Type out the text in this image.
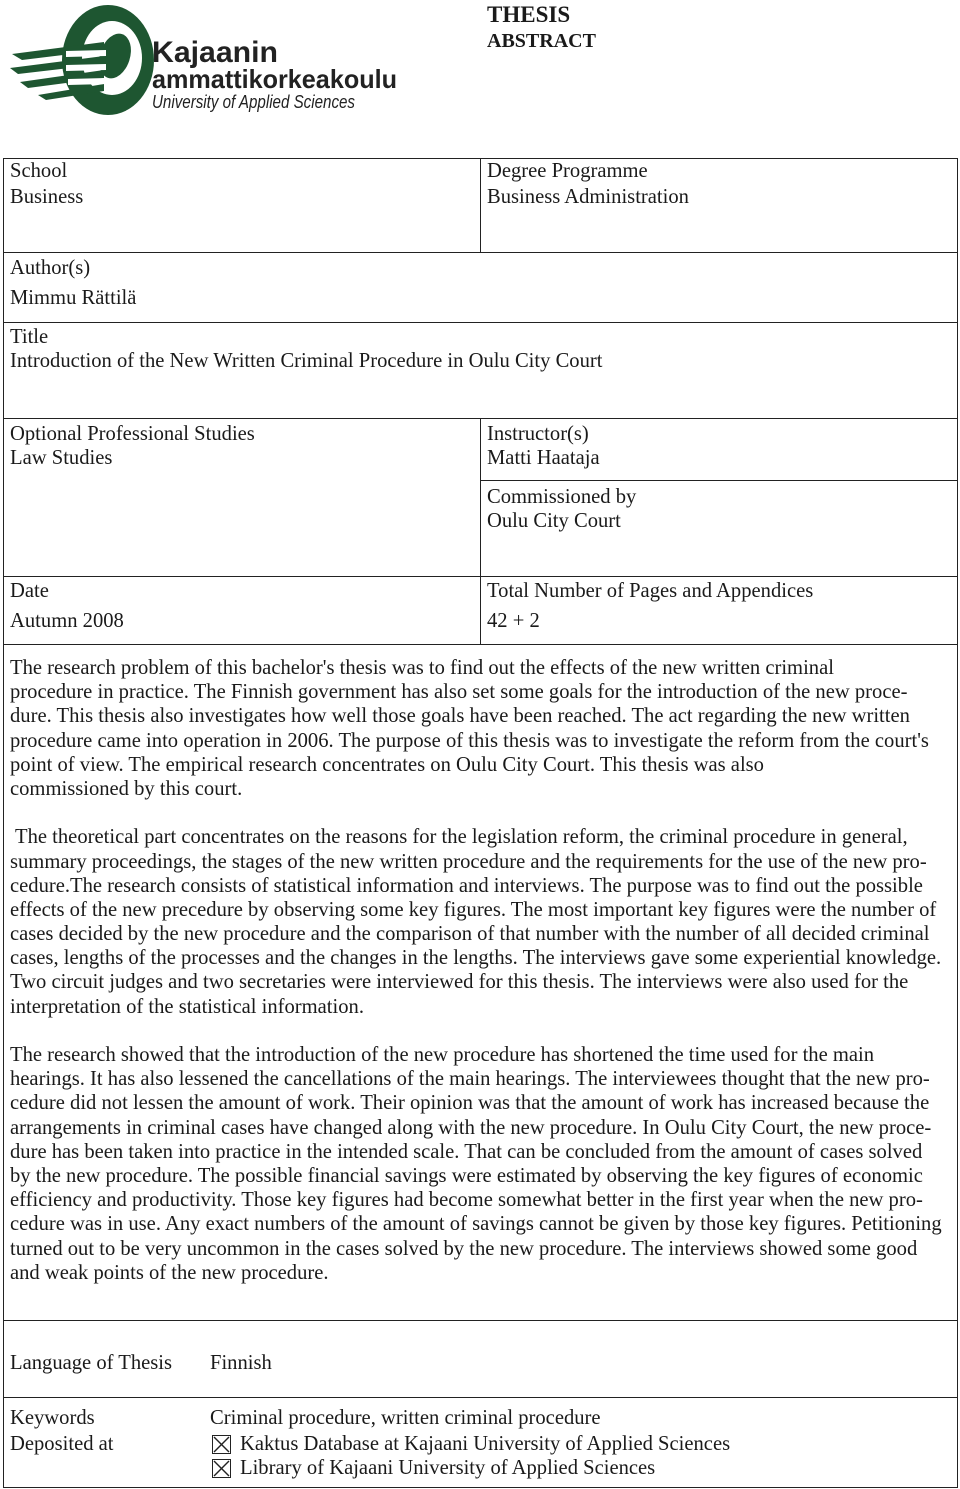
Kajaanin
ammattikorkeakoulu
University of Applied Sciences
THESIS
ABSTRACT
School
Business
Degree Programme
Business Administration
Author(s)
Mimmu Rättilä
Title
Introduction of the New Written Criminal Procedure in Oulu City Court
Optional Professional Studies
Law Studies
Instructor(s)
Matti Haataja
Commissioned by
Oulu City Court
Date
Autumn 2008
Total Number of Pages and Appendices
42 + 2
The research problem of this bachelor's thesis was to find out the effects of the new written criminal
procedure in practice. The Finnish government has also set some goals for the introduction of the new proce-
dure. This thesis also investigates how well those goals have been reached. The act regarding the new written
procedure came into operation in 2006. The purpose of this thesis was to investigate the reform from the court's
point of view. The empirical research concentrates on Oulu City Court. This thesis was also
commissioned by this court.
The theoretical part concentrates on the reasons for the legislation reform, the criminal procedure in general,
summary proceedings, the stages of the new written procedure and the requirements for the use of the new pro-
cedure.The research consists of statistical information and interviews. The purpose was to find out the possible
effects of the new precedure by observing some key figures. The most important key figures were the number of
cases decided by the new procedure and the comparison of that number with the number of all decided criminal
cases, lengths of the processes and the changes in the lengths. The interviews gave some experiential knowledge.
Two circuit judges and two secretaries were interviewed for this thesis. The interviews were also used for the
interpretation of the statistical information.
The research showed that the introduction of the new procedure has shortened the time used for the main
hearings. It has also lessened the cancellations of the main hearings. The interviewees thought that the new pro-
cedure did not lessen the amount of work. Their opinion was that the amount of work has increased because the
arrangements in criminal cases have changed along with the new procedure. In Oulu City Court, the new proce-
dure has been taken into practice in the intended scale. That can be concluded from the amount of cases solved
by the new procedure. The possible financial savings were estimated by observing the key figures of economic
efficiency and productivity. Those key figures had become somewhat better in the first year when the new pro-
cedure was in use. Any exact numbers of the amount of savings cannot be given by those key figures. Petitioning
turned out to be very uncommon in the cases solved by the new procedure. The interviews showed some good
and weak points of the new procedure.
Language of Thesis Finnish
Keywords	Criminal procedure, written criminal procedure
Deposited at	Kaktus Database at Kajaani University of Applied Sciences
Library of Kajaani University of Applied Sciences
